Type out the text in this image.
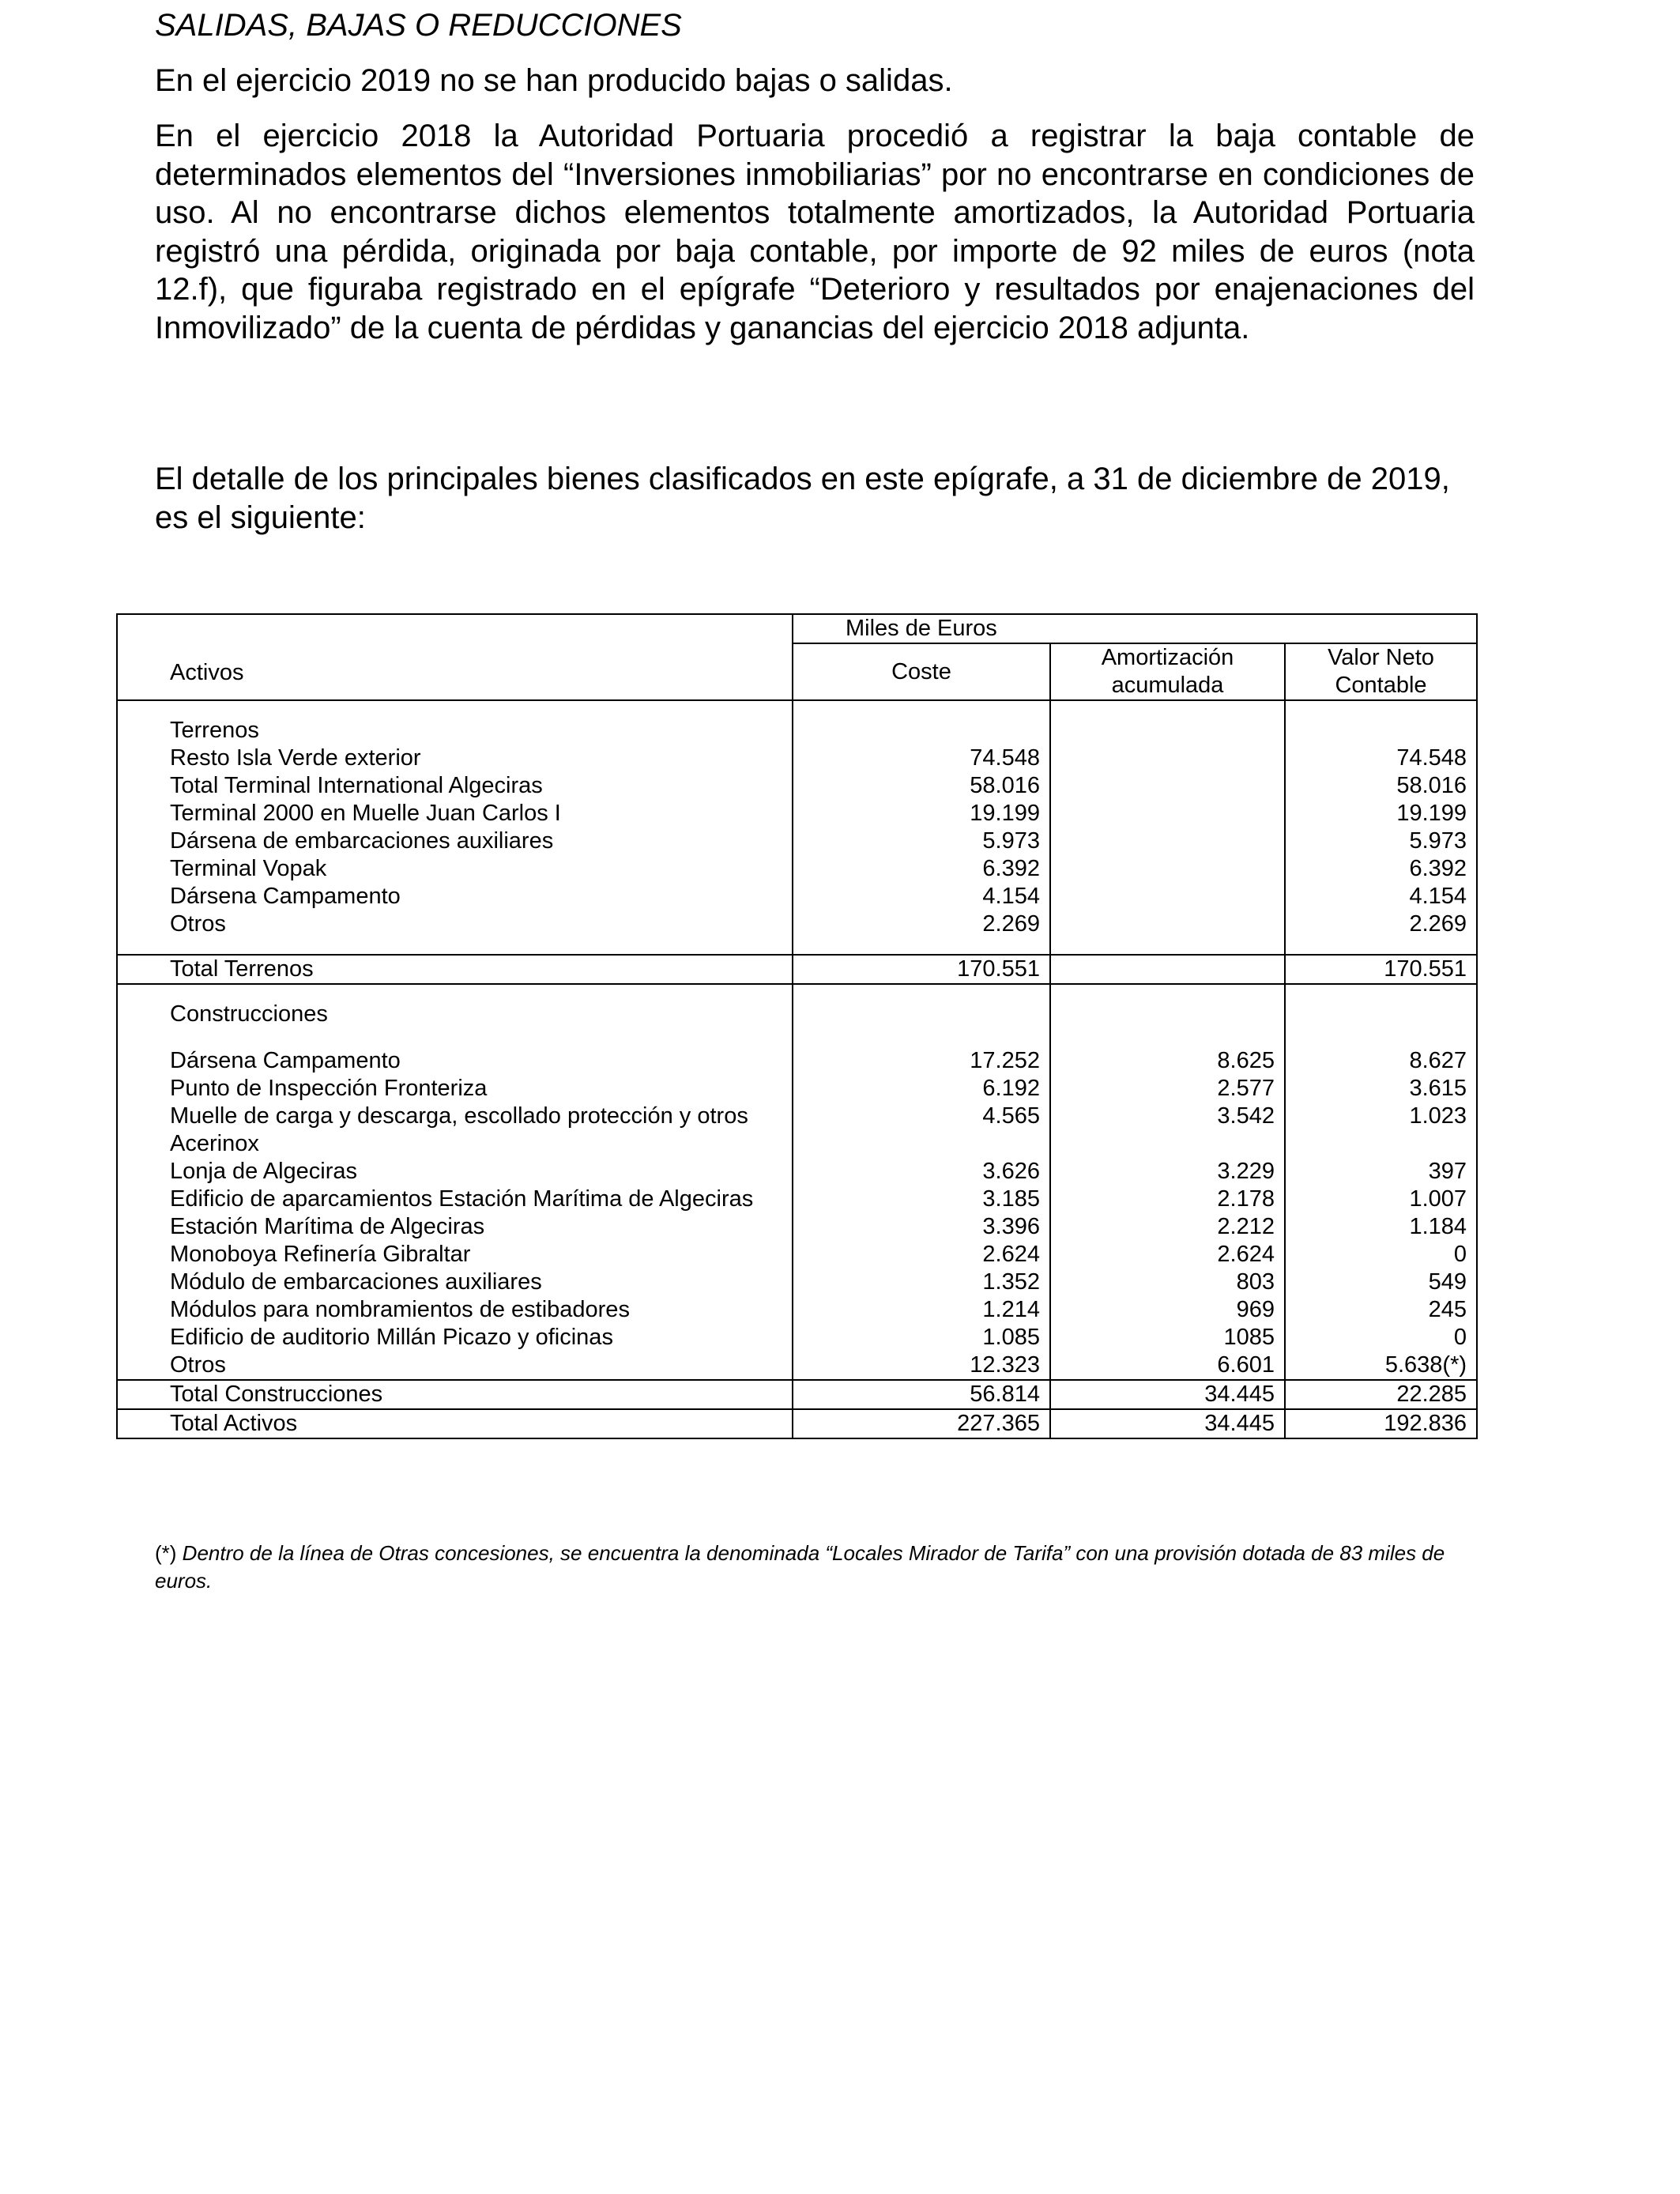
SALIDAS, BAJAS O REDUCCIONES

En el ejercicio 2019 no se han producido bajas o salidas.

En el ejercicio 2018 la Autoridad Portuaria procedió a registrar la baja contable de determinados elementos del “Inversiones inmobiliarias” por no encontrarse en condiciones de uso. Al no encontrarse dichos elementos totalmente amortizados, la Autoridad Portuaria registró una pérdida, originada por baja contable, por importe de 92 miles de euros (nota 12.f), que figuraba registrado en el epígrafe “Deterioro y resultados por enajenaciones del Inmovilizado” de la cuenta de pérdidas y ganancias del ejercicio 2018 adjunta.

El detalle de los principales bienes clasificados en este epígrafe, a 31 de diciembre de 2019, es el siguiente:

Activos	Miles de Euros		
	Coste	Amortización acumulada	Valor Neto Contable

Terrenos			
Resto Isla Verde exterior	74.548		74.548
Total Terminal International Algeciras	58.016		58.016
Terminal 2000 en Muelle Juan Carlos I	19.199		19.199
Dársena de embarcaciones auxiliares	5.973		5.973
Terminal Vopak	6.392		6.392
Dársena Campamento	4.154		4.154
Otros	2.269		2.269

Total Terrenos	170.551		170.551

Construcciones			

Dársena Campamento	17.252	8.625	8.627
Punto de Inspección Fronteriza	6.192	2.577	3.615
Muelle de carga y descarga, escollado protección y otros Acerinox	4.565	3.542	1.023
Lonja de Algeciras	3.626	3.229	397
Edificio de aparcamientos Estación Marítima de Algeciras	3.185	2.178	1.007
Estación Marítima de Algeciras	3.396	2.212	1.184
Monoboya Refinería Gibraltar	2.624	2.624	0
Módulo de embarcaciones auxiliares	1.352	803	549
Módulos para nombramientos de estibadores	1.214	969	245
Edificio de auditorio Millán Picazo y oficinas	1.085	1085	0
Otros	12.323	6.601	5.638(*)
Total Construcciones	56.814	34.445	22.285
Total Activos	227.365	34.445	192.836

(*) Dentro de la línea de Otras concesiones, se encuentra la denominada “Locales Mirador de Tarifa” con una provisión dotada de 83 miles de euros.
